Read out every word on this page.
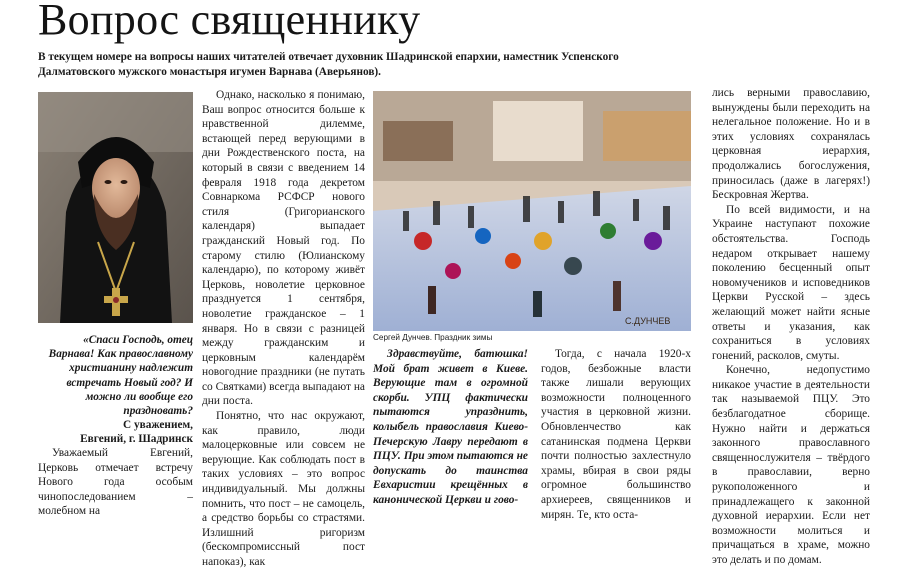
Вопрос священнику

В текущем номере на вопросы наших читателей отвечает духовник Шадринской епархии, наместник Успенского Далматовского мужского монастыря игумен Варнава (Аверьянов).

«Спаси Господь, отец Варнава! Как православному христианину надлежит встречать Новый год? И можно ли вообще его праздновать?
С уважением,
Евгений, г. Шадринск

Уважаемый Евгений, Церковь отмечает встречу Нового года особым чинопоследованием – молебном на

Однако, насколько я понимаю, Ваш вопрос относится больше к нравственной дилемме, встающей перед верующими в дни Рождественского поста, на который в связи с введением 14 февраля 1918 года декретом Совнаркома РСФСР нового стиля (Григорианского календаря) выпадает гражданский Новый год. По старому стилю (Юлианскому календарю), по которому живёт Церковь, новолетие церковное празднуется 1 сентября, новолетие гражданское – 1 января. Но в связи с разницей между гражданским и церковным календарём новогодние праздники (не путать со Святками) всегда выпадают на дни поста.

Понятно, что нас окружают, как правило, люди малоцерковные или совсем не верующие. Как соблюдать пост в таких условиях – это вопрос индивидуальный. Мы должны помнить, что пост – не самоцель, а средство борьбы со страстями. Излишний ригоризм (бескомпромиссный пост напоказ), как

С.ДУНЧЕВ
Сергей Дунчев. Праздник зимы

Здравствуйте, батюшка! Мой брат живет в Киеве. Верующие там в огромной скорби. УПЦ фактически пытаются упразднить, колыбель православия Киево-Печерскую Лавру передают в ПЦУ. При этом пытаются не допускать до таинства Евхаристии крещённых в канонической Церкви и гово-

Тогда, с начала 1920-х годов, безбожные власти также лишали верующих возможности полноценного участия в церковной жизни. Обновленчество как сатанинская подмена Церкви почти полностью захлестнуло храмы, вбирая в свои ряды огромное большинство архиереев, священников и мирян. Те, кто оста-

лись верными православию, вынуждены были переходить на нелегальное положение. Но и в этих условиях сохранялась церковная иерархия, продолжались богослужения, приносилась (даже в лагерях!) Бескровная Жертва.

По всей видимости, и на Украине наступают похожие обстоятельства. Господь недаром открывает нашему поколению бесценный опыт новомучеников и исповедников Церкви Русской – здесь желающий может найти ясные ответы и указания, как сохраниться в условиях гонений, расколов, смуты.

Конечно, недопустимо никакое участие в деятельности так называемой ПЦУ. Это безблагодатное сборище. Нужно найти и держаться законного православного священнослужителя – твёрдого в православии, верно рукоположенного и принадлежащего к законной духовной иерархии. Если нет возможности молиться и причащаться в храме, можно это делать и по домам.
